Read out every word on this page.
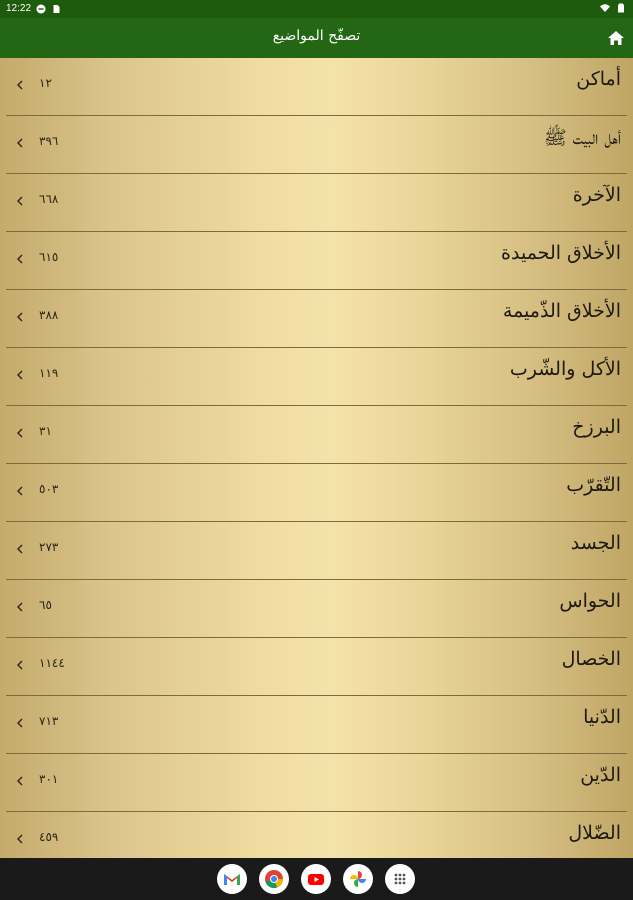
12:22
تصفّح المواضيع
أماكن
١٢
أهل البيت ﷺ
٣٩٦
الآخرة
٦٦٨
الأخلاق الحميدة
٦١٥
الأخلاق الذّميمة
٣٨٨
الأكل والشّرب
١١٩
البرزخ
٣١
التّقرّب
٥٠٣
الجسد
٢٧٣
الحواس
٦٥
الخصال
١١٤٤
الدّنيا
٧١٣
الدّين
٣٠١
الضّلال
٤٥٩
